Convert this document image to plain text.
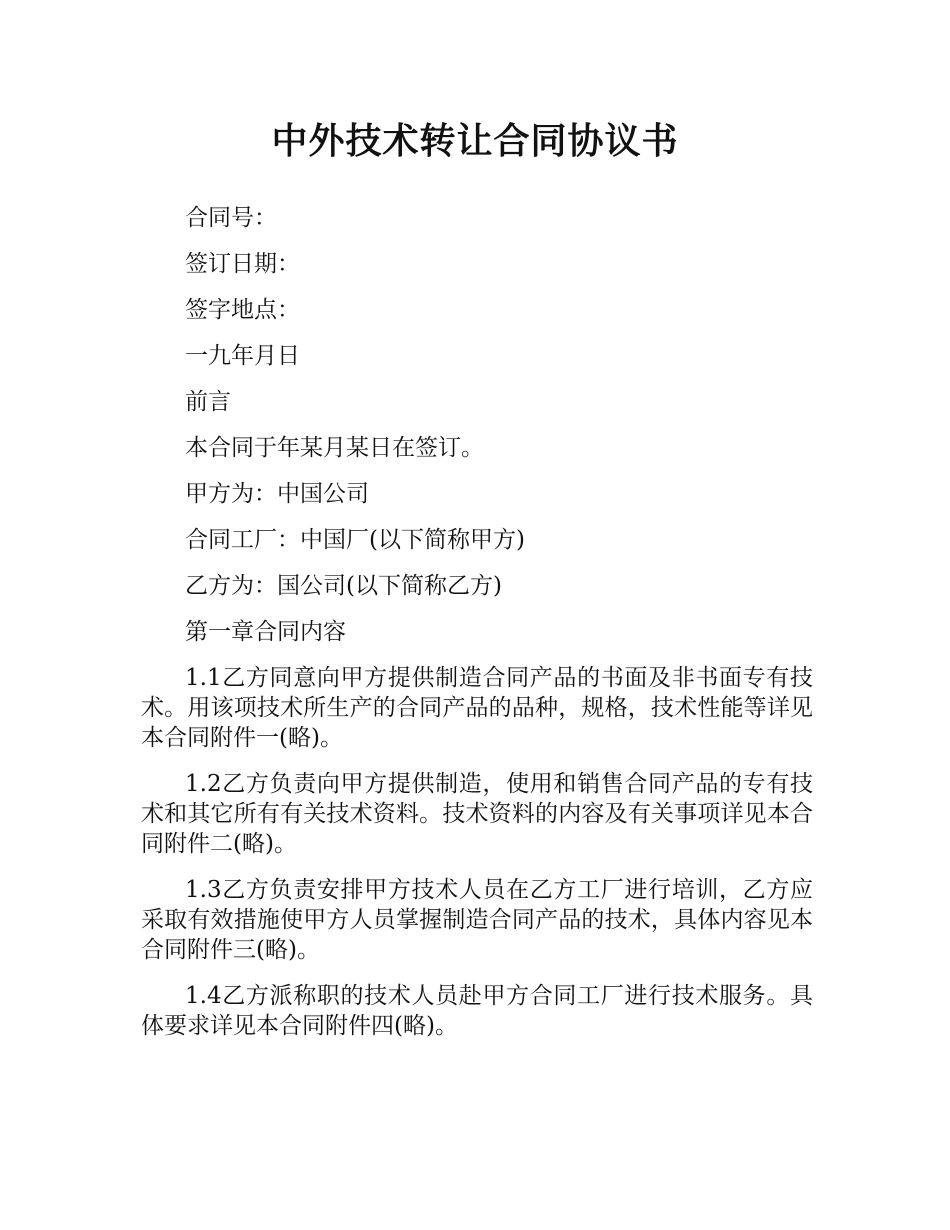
中外技术转让合同协议书

合同号：

签订日期：

签字地点：

一九年月日

前言

本合同于年某月某日在签订。

甲方为：中国公司

合同工厂：中国厂(以下简称甲方)

乙方为：国公司(以下简称乙方)

第一章合同内容

1.1乙方同意向甲方提供制造合同产品的书面及非书面专有技术。用该项技术所生产的合同产品的品种，规格，技术性能等详见本合同附件一(略)。

1.2乙方负责向甲方提供制造，使用和销售合同产品的专有技术和其它所有有关技术资料。技术资料的内容及有关事项详见本合同附件二(略)。

1.3乙方负责安排甲方技术人员在乙方工厂进行培训，乙方应采取有效措施使甲方人员掌握制造合同产品的技术，具体内容见本合同附件三(略)。

1.4乙方派称职的技术人员赴甲方合同工厂进行技术服务。具体要求详见本合同附件四(略)。
